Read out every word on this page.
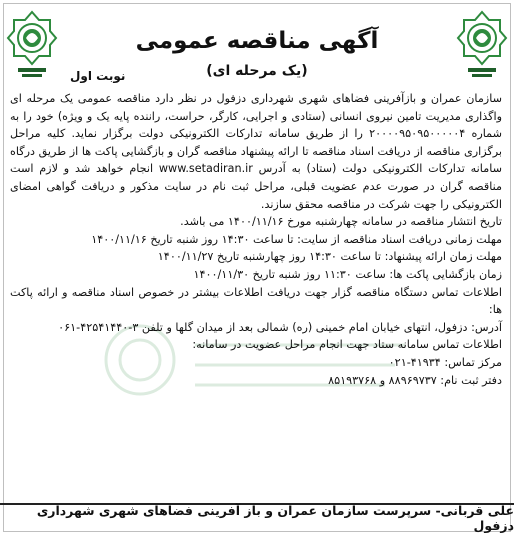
آگهی مناقصه عمومی
(یک مرحله ای)
نوبت اول

سازمان عمران و بازآفرینی فضاهای شهری شهرداری دزفول در نظر دارد مناقصه عمومی یک مرحله ای واگذاری مدیریت تامین نیروی انسانی (ستادی و اجرایی، کارگر، حراست، راننده پایه یک و ویژه) خود را به شماره ۲۰۰۰۰۹۵۰۹۵۰۰۰۰۰۴ را از طریق سامانه تدارکات الکترونیکی دولت برگزار نماید. کلیه مراحل برگزاری مناقصه از دریافت اسناد مناقصه تا ارائه پیشنهاد مناقصه گران و بازگشایی پاکت ها از طریق درگاه سامانه تدارکات الکترونیکی دولت (ستاد) به آدرس www.setadiran.ir انجام خواهد شد و لازم است مناقصه گران در صورت عدم عضویت قبلی، مراحل ثبت نام در سایت مذکور و دریافت گواهی امضای الکترونیکی را جهت شرکت در مناقصه محقق سازند.

تاریخ انتشار مناقصه در سامانه چهارشنبه مورخ ۱۴۰۰/۱۱/۱۶ می باشد.

مهلت زمانی دریافت اسناد مناقصه از سایت: تا ساعت ۱۴:۳۰ روز شنبه تاریخ ۱۴۰۰/۱۱/۱۶

مهلت زمان ارائه پیشنهاد: تا ساعت ۱۴:۳۰ روز چهارشنبه تاریخ ۱۴۰۰/۱۱/۲۷

زمان بازگشایی پاکت ها: ساعت ۱۱:۳۰ روز شنبه تاریخ ۱۴۰۰/۱۱/۳۰

اطلاعات تماس دستگاه مناقصه گزار جهت دریافت اطلاعات بیشتر در خصوص اسناد مناقصه و ارائه پاکت ها:

آدرس: دزفول، انتهای خیابان امام خمینی (ره) شمالی بعد از میدان گلها و تلفن ۳-۴۲۵۴۱۴۴۰-۰۶۱

اطلاعات تماس سامانه ستاد جهت انجام مراحل عضویت در سامانه:

مرکز تماس: ۴۱۹۳۴-۰۲۱

دفتر ثبت نام: ۸۸۹۶۹۷۳۷ و ۸۵۱۹۳۷۶۸

علی قربانی- سرپرست سازمان عمران و باز آفرینی فضاهای شهری شهرداری دزفول
